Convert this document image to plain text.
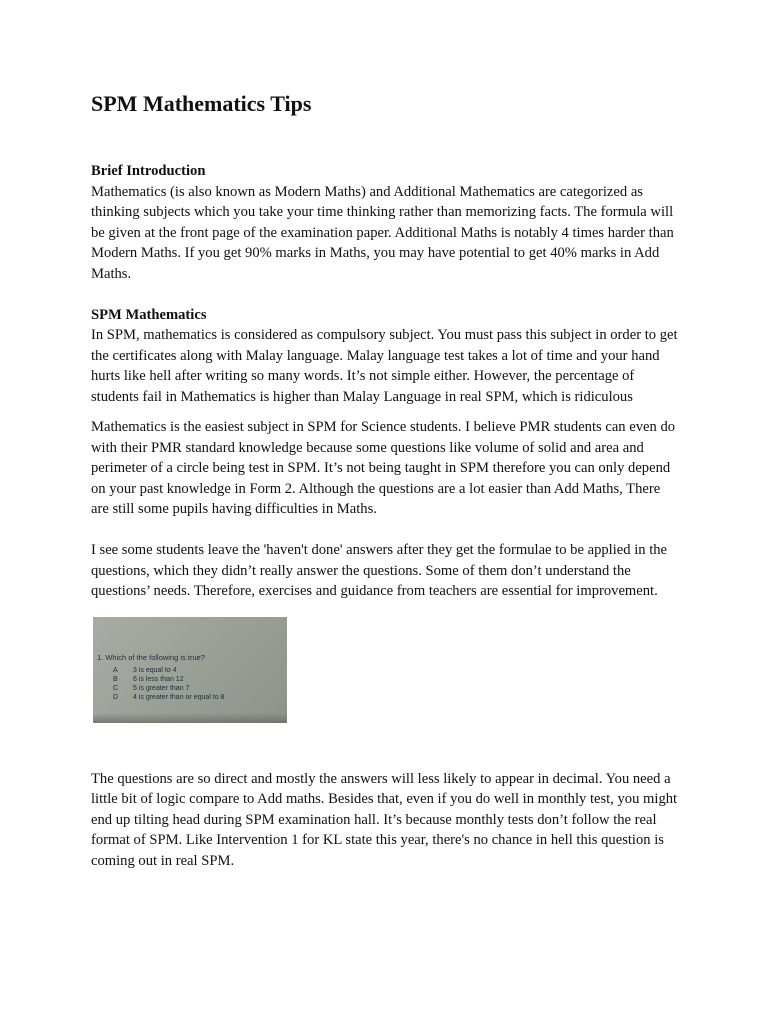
SPM Mathematics Tips
Brief Introduction

Mathematics (is also known as Modern Maths) and Additional Mathematics are categorized as thinking subjects which you take your time thinking rather than memorizing facts. The formula will be given at the front page of the examination paper. Additional Maths is notably 4 times harder than Modern Maths. If you get 90% marks in Maths, you may have potential to get 40% marks in Add Maths.

SPM Mathematics

In SPM, mathematics is considered as compulsory subject. You must pass this subject in order to get the certificates along with Malay language. Malay language test takes a lot of time and your hand hurts like hell after writing so many words. It’s not simple either. However, the percentage of students fail in Mathematics is higher than Malay Language in real SPM, which is ridiculous

Mathematics is the easiest subject in SPM for Science students. I believe PMR students can even do with their PMR standard knowledge because some questions like volume of solid and area and perimeter of a circle being test in SPM. It’s not being taught in SPM therefore you can only depend on your past knowledge in Form 2. Although the questions are a lot easier than Add Maths, There are still some pupils having difficulties in Maths.

I see some students leave the 'haven't done' answers after they get the formulae to be applied in the questions, which they didn’t really answer the questions. Some of them don’t understand the questions’ needs. Therefore, exercises and guidance from teachers are essential for improvement.

1. Which of the following is true?
A 3 is equal to 4
B 6 is less than 12
C 5 is greater than 7
D 4 is greater than or equal to 8

The questions are so direct and mostly the answers will less likely to appear in decimal. You need a little bit of logic compare to Add maths. Besides that, even if you do well in monthly test, you might end up tilting head during SPM examination hall. It’s because monthly tests don’t follow the real format of SPM. Like Intervention 1 for KL state this year, there's no chance in hell this question is coming out in real SPM.
